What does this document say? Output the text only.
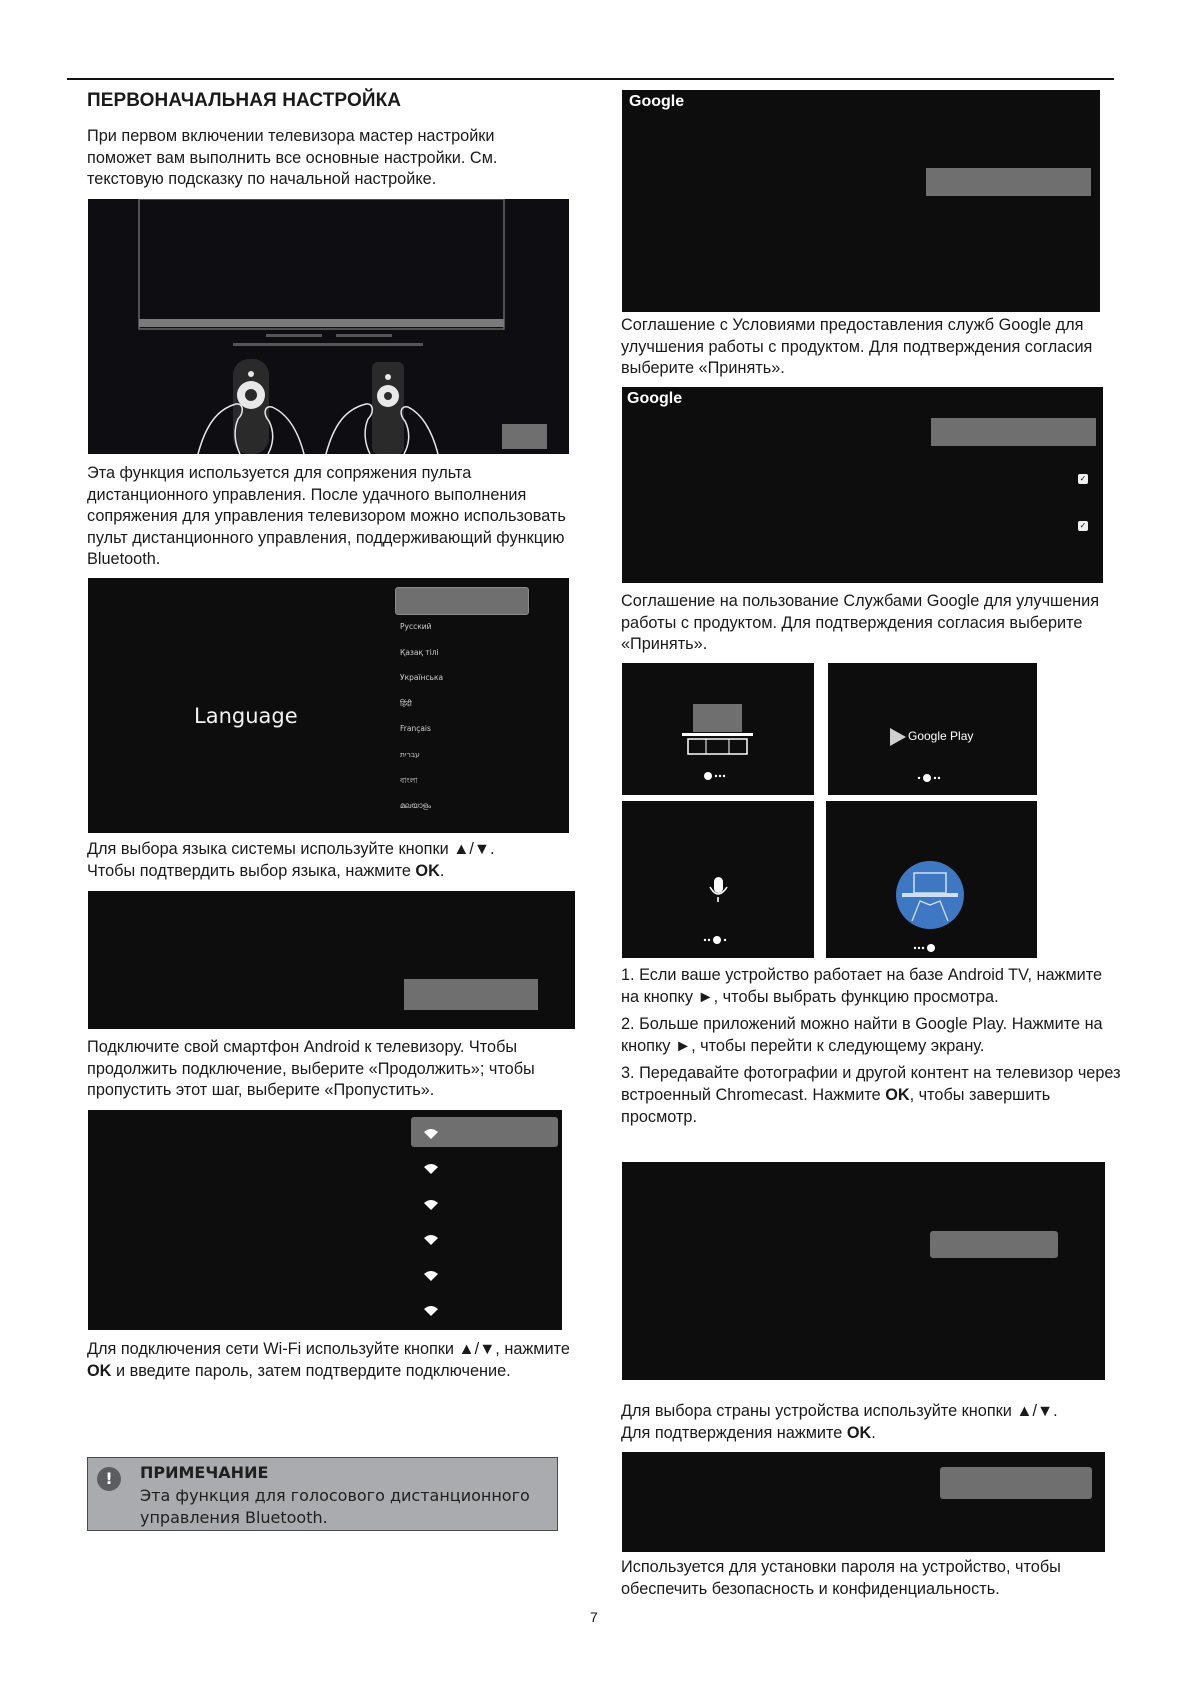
ПЕРВОНАЧАЛЬНАЯ НАСТРОЙКА
При первом включении телевизора мастер настройки поможет вам выполнить все основные настройки. См. текстовую подсказку по начальной настройке.
Эта функция используется для сопряжения пульта дистанционного управления. После удачного выполнения сопряжения для управления телевизором можно использовать пульт дистанционного управления, поддерживающий функцию Bluetooth.
Language
Русский
Қазақ тілі
Українська
हिंदी
Français
עברית
বাংলা
മലയാളം
Для выбора языка системы используйте кнопки ▲/▼.
Чтобы подтвердить выбор языка, нажмите OK.
Подключите свой смартфон Android к телевизору. Чтобы продолжить подключение, выберите «Продолжить»; чтобы пропустить этот шаг, выберите «Пропустить».
Для подключения сети Wi-Fi используйте кнопки ▲/▼, нажмите OK и введите пароль, затем подтвердите подключение.
!	ПРИМЕЧАНИЕ
Эта функция для голосового дистанционного управления Bluetooth.
Google
Соглашение с Условиями предоставления служб Google для улучшения работы с продуктом. Для подтверждения согласия выберите «Принять».
Google
✓
✓
Соглашение на пользование Службами Google для улучшения работы с продуктом. Для подтверждения согласия выберите «Принять».
Google Play
1. Если ваше устройство работает на базе Android TV, нажмите на кнопку ►, чтобы выбрать функцию просмотра.
2. Больше приложений можно найти в Google Play. Нажмите на кнопку ►, чтобы перейти к следующему экрану.
3. Передавайте фотографии и другой контент на телевизор через встроенный Chromecast. Нажмите OK, чтобы завершить просмотр.
Для выбора страны устройства используйте кнопки ▲/▼.
Для подтверждения нажмите OK.
Используется для установки пароля на устройство, чтобы обеспечить безопасность и конфиденциальность.
7
